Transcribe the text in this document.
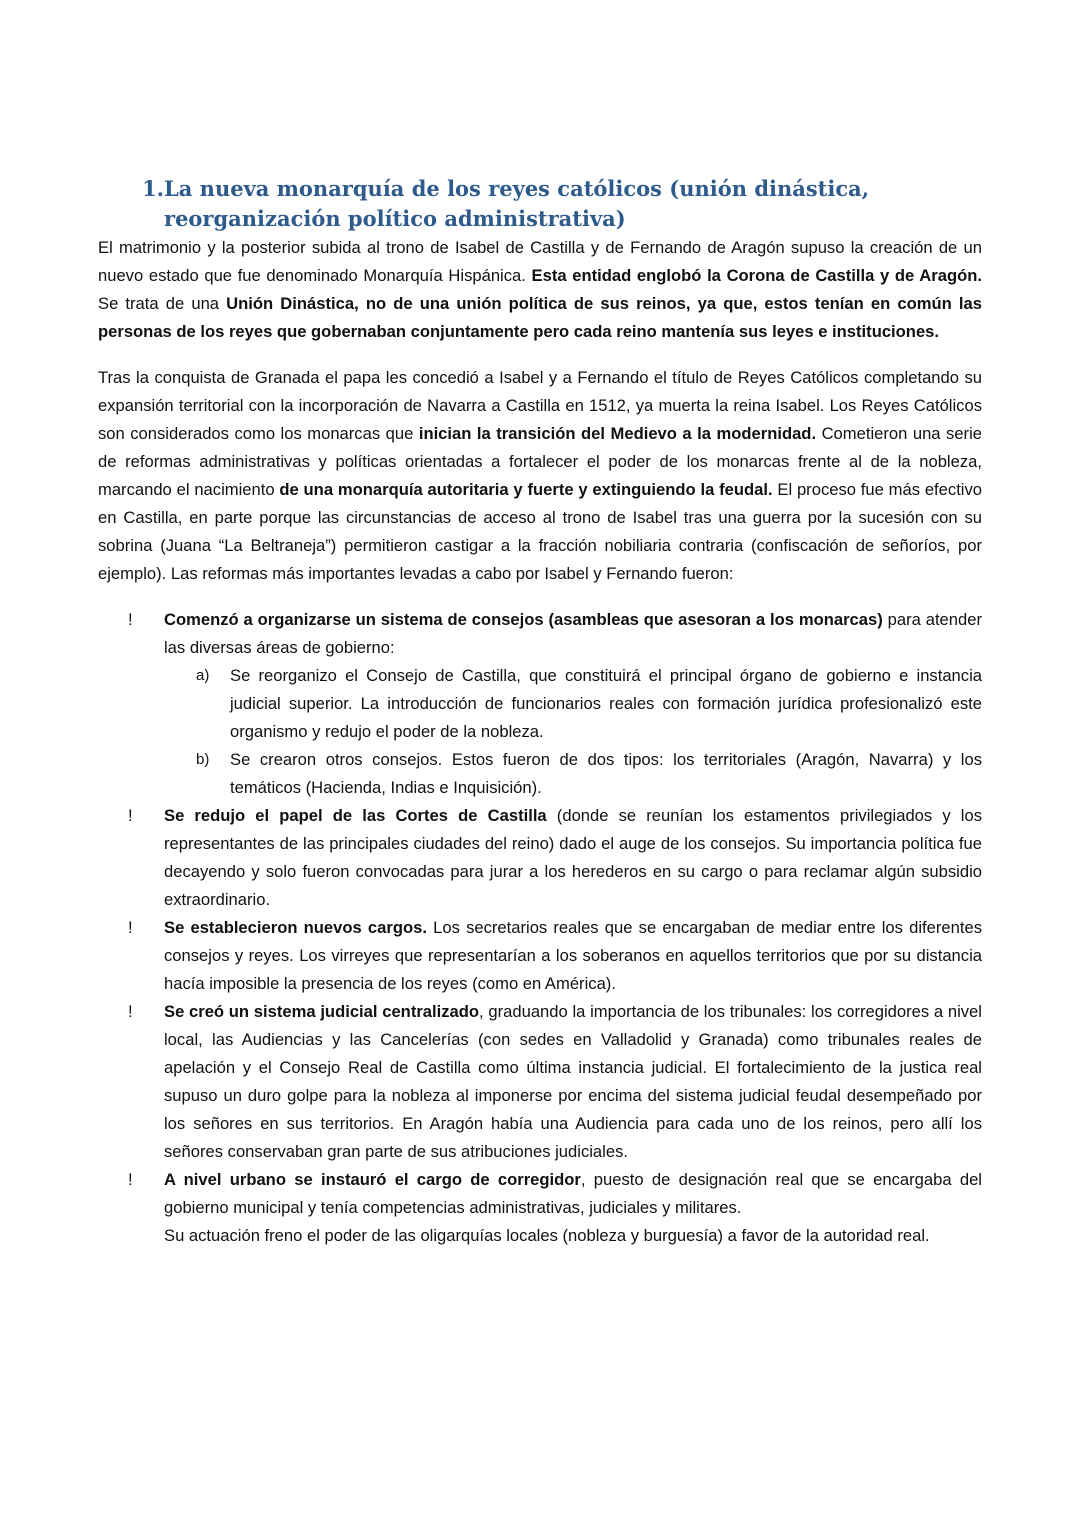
1. La nueva monarquía de los reyes católicos (unión dinástica, reorganización político administrativa)

El matrimonio y la posterior subida al trono de Isabel de Castilla y de Fernando de Aragón supuso la creación de un nuevo estado que fue denominado Monarquía Hispánica. Esta entidad englobó la Corona de Castilla y de Aragón. Se trata de una Unión Dinástica, no de una unión política de sus reinos, ya que, estos tenían en común las personas de los reyes que gobernaban conjuntamente pero cada reino mantenía sus leyes e instituciones.

Tras la conquista de Granada el papa les concedió a Isabel y a Fernando el título de Reyes Católicos completando su expansión territorial con la incorporación de Navarra a Castilla en 1512, ya muerta la reina Isabel. Los Reyes Católicos son considerados como los monarcas que inician la transición del Medievo a la modernidad. Cometieron una serie de reformas administrativas y políticas orientadas a fortalecer el poder de los monarcas frente al de la nobleza, marcando el nacimiento de una monarquía autoritaria y fuerte y extinguiendo la feudal. El proceso fue más efectivo en Castilla, en parte porque las circunstancias de acceso al trono de Isabel tras una guerra por la sucesión con su sobrina (Juana “La Beltraneja”) permitieron castigar a la fracción nobiliaria contraria (confiscación de señoríos, por ejemplo). Las reformas más importantes levadas a cabo por Isabel y Fernando fueron:

!	Comenzó a organizarse un sistema de consejos (asambleas que asesoran a los monarcas) para atender las diversas áreas de gobierno:
a)	Se reorganizo el Consejo de Castilla, que constituirá el principal órgano de gobierno e instancia judicial superior. La introducción de funcionarios reales con formación jurídica profesionalizó este organismo y redujo el poder de la nobleza.
b)	Se crearon otros consejos. Estos fueron de dos tipos: los territoriales (Aragón, Navarra) y los temáticos (Hacienda, Indias e Inquisición).
!	Se redujo el papel de las Cortes de Castilla (donde se reunían los estamentos privilegiados y los representantes de las principales ciudades del reino) dado el auge de los consejos. Su importancia política fue decayendo y solo fueron convocadas para jurar a los herederos en su cargo o para reclamar algún subsidio extraordinario.
!	Se establecieron nuevos cargos. Los secretarios reales que se encargaban de mediar entre los diferentes consejos y reyes. Los virreyes que representarían a los soberanos en aquellos territorios que por su distancia hacía imposible la presencia de los reyes (como en América).
!	Se creó un sistema judicial centralizado, graduando la importancia de los tribunales: los corregidores a nivel local, las Audiencias y las Cancelerías (con sedes en Valladolid y Granada) como tribunales reales de apelación y el Consejo Real de Castilla como última instancia judicial. El fortalecimiento de la justica real supuso un duro golpe para la nobleza al imponerse por encima del sistema judicial feudal desempeñado por los señores en sus territorios. En Aragón había una Audiencia para cada uno de los reinos, pero allí los señores conservaban gran parte de sus atribuciones judiciales.
!	A nivel urbano se instauró el cargo de corregidor, puesto de designación real que se encargaba del gobierno municipal y tenía competencias administrativas, judiciales y militares.
Su actuación freno el poder de las oligarquías locales (nobleza y burguesía) a favor de la autoridad real.
